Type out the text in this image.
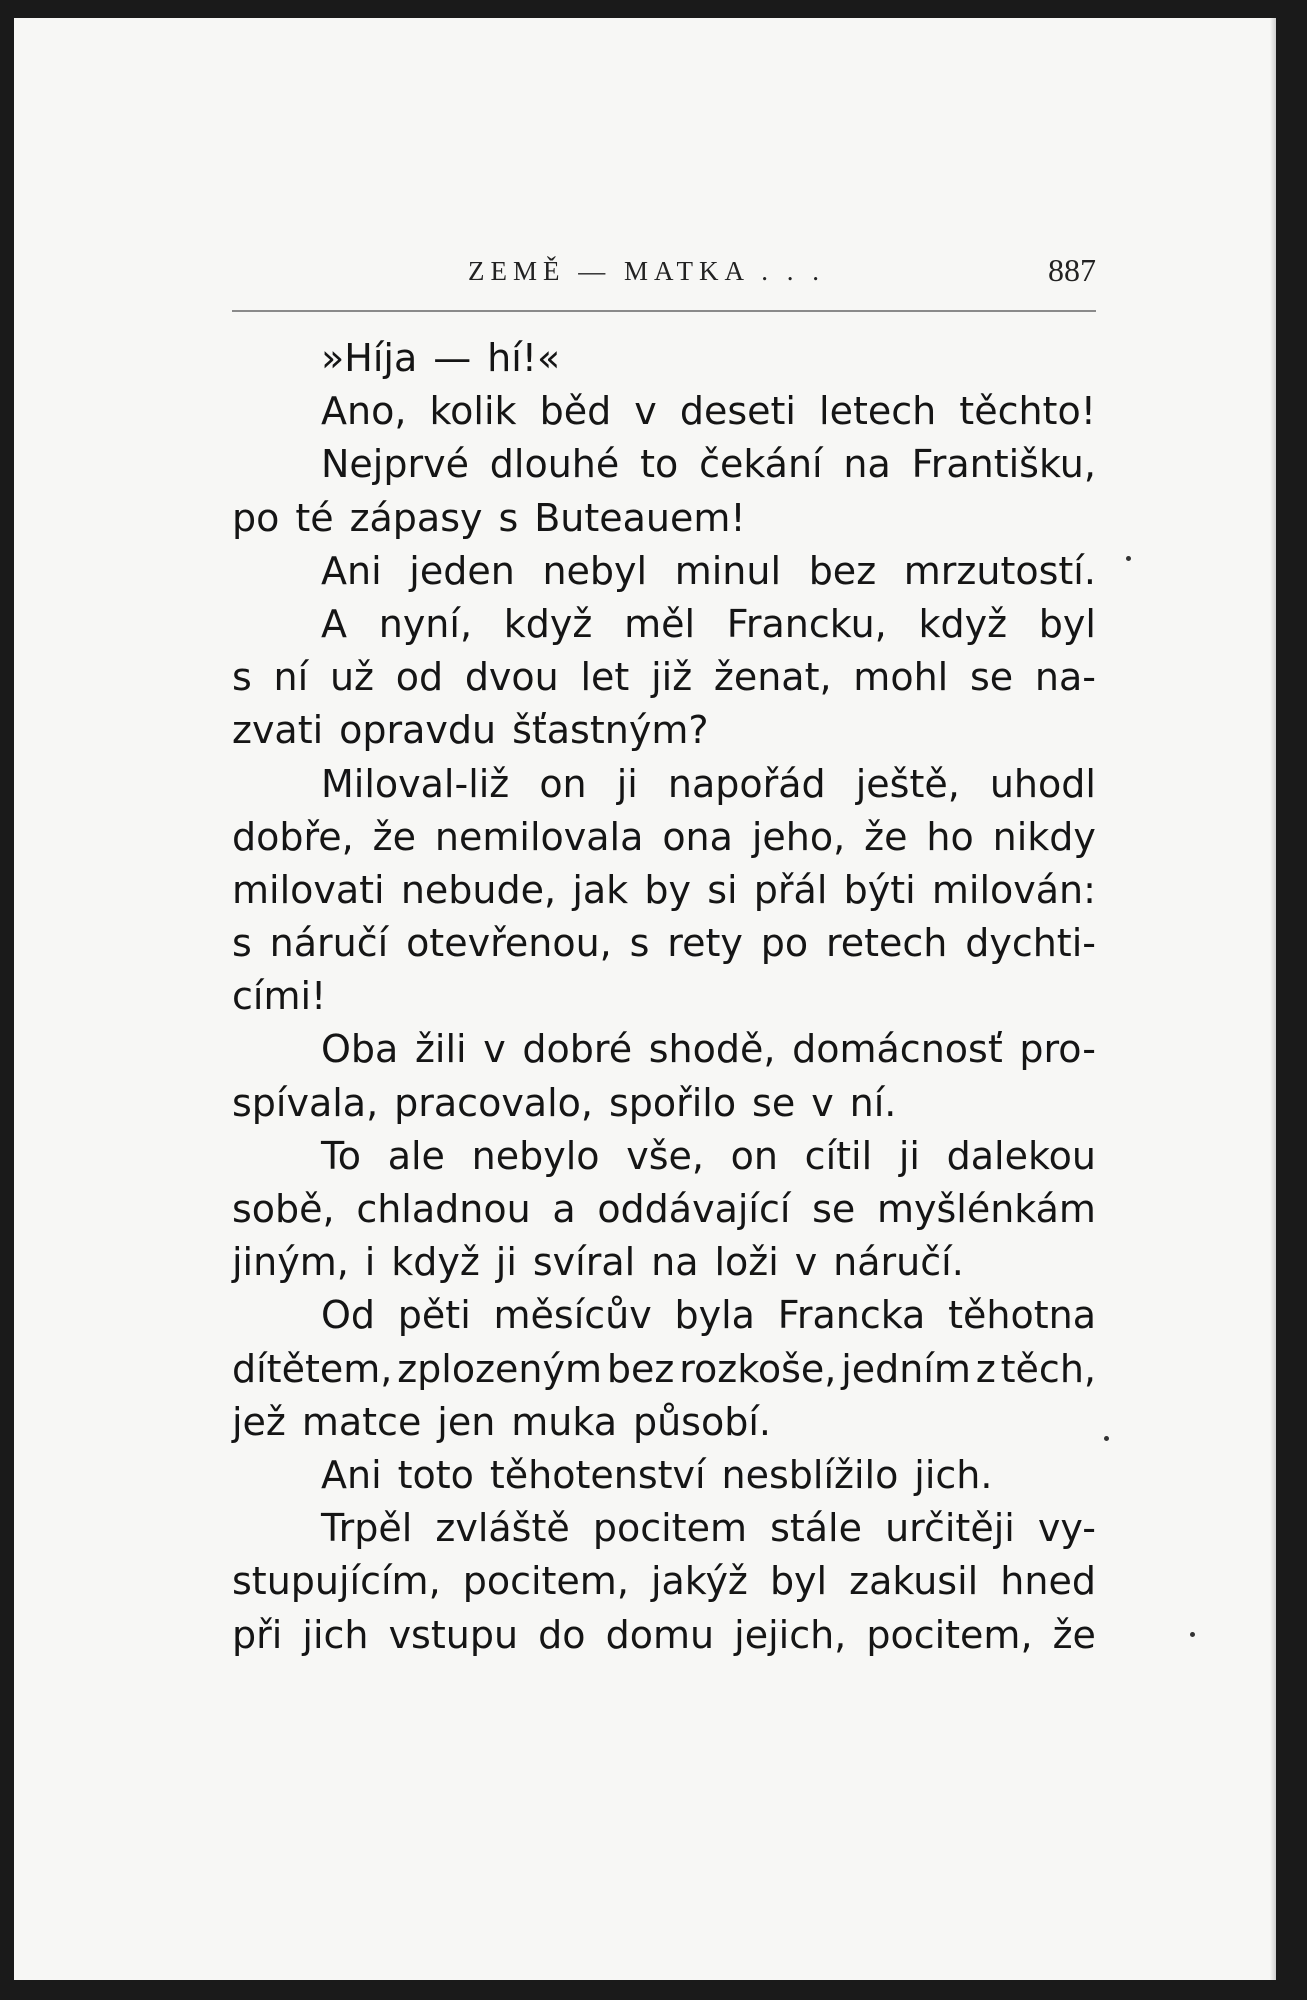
ZEMĚ — MATKA . . .	887
»Híja — hí!«
Ano, kolik běd v deseti letech těchto!
Nejprvé dlouhé to čekání na Františku,
po té zápasy s Buteauem!
Ani jeden nebyl minul bez mrzutostí.
A nyní, když měl Francku, když byl
s ní už od dvou let již ženat, mohl se na-
zvati opravdu šťastným?
Miloval-liž on ji napořád ještě, uhodl
dobře, že nemilovala ona jeho, že ho nikdy
milovati nebude, jak by si přál býti milován:
s náručí otevřenou, s rety po retech dychti-
cími!
Oba žili v dobré shodě, domácnosť pro-
spívala, pracovalo, spořilo se v ní.
To ale nebylo vše, on cítil ji dalekou
sobě, chladnou a oddávající se myšlénkám
jiným, i když ji svíral na loži v náručí.
Od pěti měsícův byla Francka těhotna
dítětem, zplozeným bez rozkoše, jedním z těch,
jež matce jen muka působí.
Ani toto těhotenství nesblížilo jich.
Trpěl zvláště pocitem stále určitěji vy-
stupujícím, pocitem, jakýž byl zakusil hned
při jich vstupu do domu jejich, pocitem, že
